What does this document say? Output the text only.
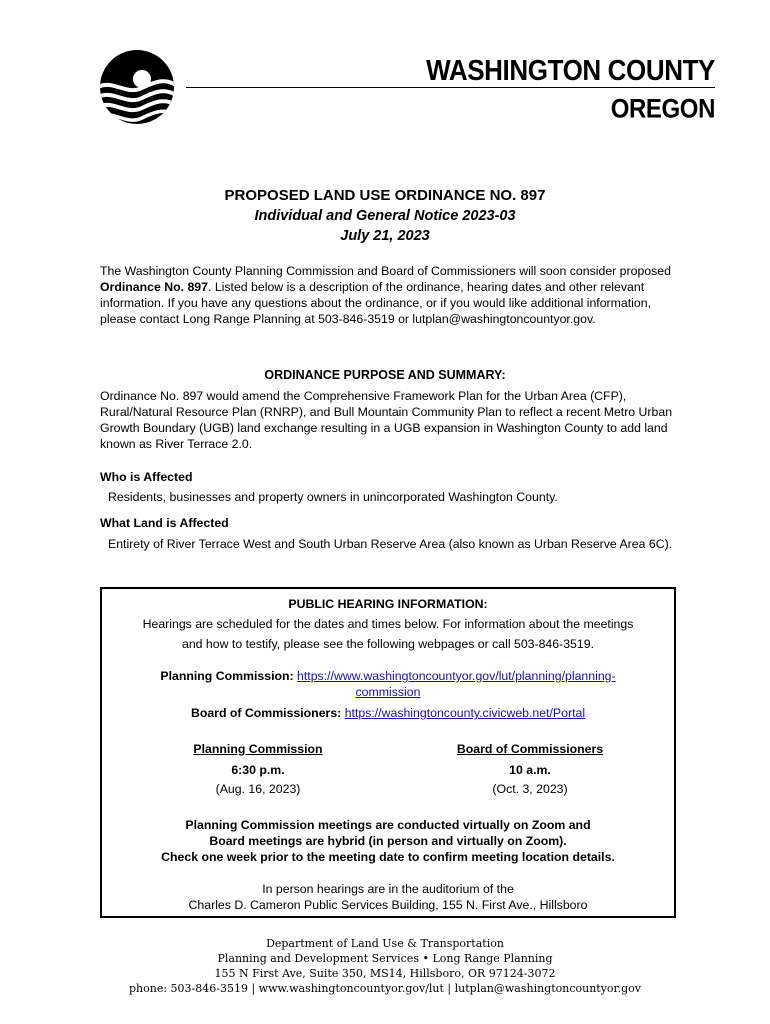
WASHINGTON COUNTY
OREGON
PROPOSED LAND USE ORDINANCE NO. 897
Individual and General Notice 2023-03
July 21, 2023

The Washington County Planning Commission and Board of Commissioners will soon consider proposed Ordinance No. 897. Listed below is a description of the ordinance, hearing dates and other relevant information. If you have any questions about the ordinance, or if you would like additional information, please contact Long Range Planning at 503-846-3519 or lutplan@washingtoncountyor.gov.

ORDINANCE PURPOSE AND SUMMARY:

Ordinance No. 897 would amend the Comprehensive Framework Plan for the Urban Area (CFP), Rural/Natural Resource Plan (RNRP), and Bull Mountain Community Plan to reflect a recent Metro Urban Growth Boundary (UGB) land exchange resulting in a UGB expansion in Washington County to add land known as River Terrace 2.0.

Who is Affected

Residents, businesses and property owners in unincorporated Washington County.

What Land is Affected

Entirety of River Terrace West and South Urban Reserve Area (also known as Urban Reserve Area 6C).

PUBLIC HEARING INFORMATION:
Hearings are scheduled for the dates and times below. For information about the meetings
and how to testify, please see the following webpages or call 503-846-3519.
Planning Commission: https://www.washingtoncountyor.gov/lut/planning/planning-
commission
Board of Commissioners: https://washingtoncounty.civicweb.net/Portal
Planning Commission
6:30 p.m.
(Aug. 16, 2023)
Board of Commissioners
10 a.m.
(Oct. 3, 2023)
Planning Commission meetings are conducted virtually on Zoom and
Board meetings are hybrid (in person and virtually on Zoom).
Check one week prior to the meeting date to confirm meeting location details.
In person hearings are in the auditorium of the
Charles D. Cameron Public Services Building, 155 N. First Ave., Hillsboro
Department of Land Use & Transportation
Planning and Development Services • Long Range Planning
155 N First Ave, Suite 350, MS14, Hillsboro, OR 97124-3072
phone: 503-846-3519 | www.washingtoncountyor.gov/lut | lutplan@washingtoncountyor.gov
